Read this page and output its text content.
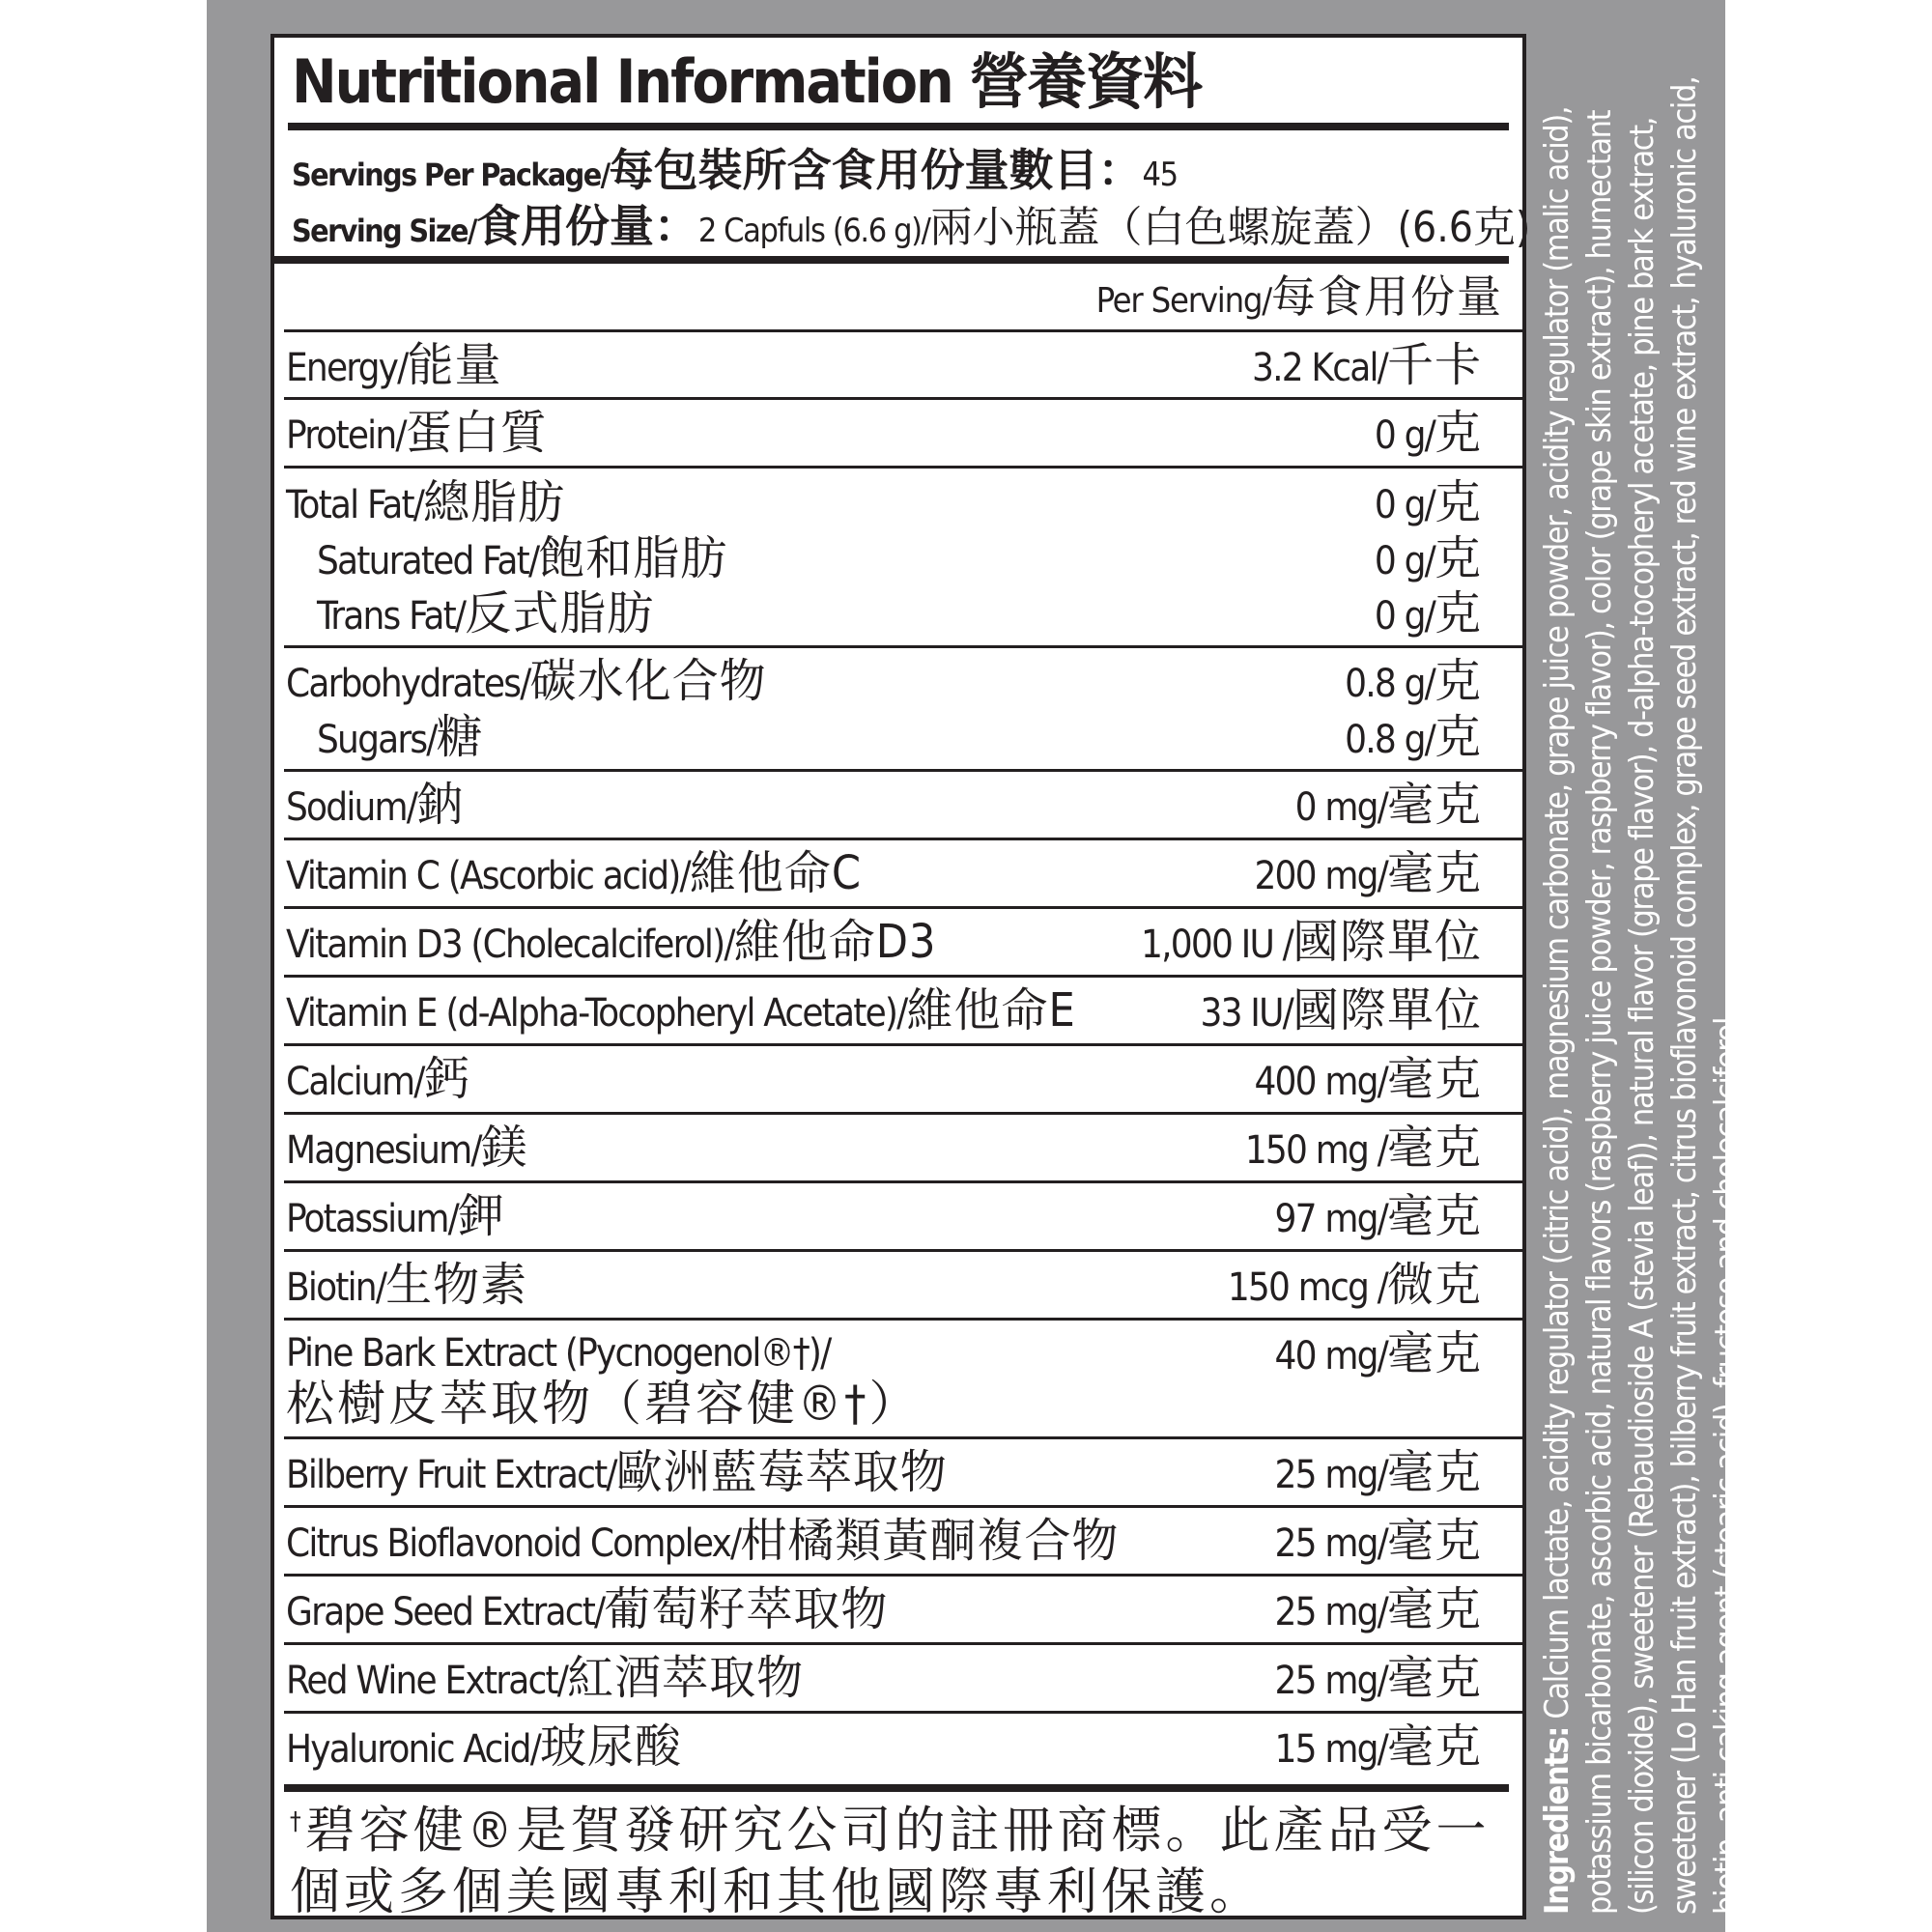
Nutritional Information 營養資料
Servings Per Package/每包裝所含食用份量數目：45
Serving Size/食用份量：2 Capfuls (6.6 g)/兩小瓶蓋（白色螺旋蓋）(6.6克)
Per Serving/每食用份量
Energy/能量	3.2 Kcal/千卡
Protein/蛋白質	0 g/克
Total Fat/總脂肪	0 g/克
Saturated Fat/飽和脂肪	0 g/克
Trans Fat/反式脂肪	0 g/克
Carbohydrates/碳水化合物	0.8 g/克
Sugars/糖	0.8 g/克
Sodium/鈉	0 mg/毫克
Vitamin C (Ascorbic acid)/維他命C	200 mg/毫克
Vitamin D3 (Cholecalciferol)/維他命D3	1,000 IU /國際單位
Vitamin E (d-Alpha-Tocopheryl Acetate)/維他命E	33 IU/國際單位
Calcium/鈣	400 mg/毫克
Magnesium/鎂	150 mg /毫克
Potassium/鉀	97 mg/毫克
Biotin/生物素	150 mcg /微克
Pine Bark Extract (Pycnogenol®†)/	40 mg/毫克
松樹皮萃取物（碧容健®†）
Bilberry Fruit Extract/歐洲藍莓萃取物	25 mg/毫克
Citrus Bioflavonoid Complex/柑橘類黃酮複合物	25 mg/毫克
Grape Seed Extract/葡萄籽萃取物	25 mg/毫克
Red Wine Extract/紅酒萃取物	25 mg/毫克
Hyaluronic Acid/玻尿酸	15 mg/毫克
†碧容健®是賀發研究公司的註冊商標。此產品受一個或多個美國專利和其他國際專利保護。	Ingredients: Calcium lactate, acidity regulator (citric acid), magnesium carbonate, grape juice powder, acidity regulator (malic acid), potassium bicarbonate, ascorbic acid, natural flavors (raspberry juice powder, raspberry flavor), color (grape skin extract), humectant (silicon dioxide), sweetener (Rebaudioside A (stevia leaf)), natural flavor (grape flavor), d-alpha-tocopheryl acetate, pine bark extract, sweetener (Lo Han fruit extract), bilberry fruit extract, citrus bioflavonoid complex, grape seed extract, red wine extract, hyaluronic acid, biotin, anti-caking agent (stearic acid), fructose and cholecalciferol.
